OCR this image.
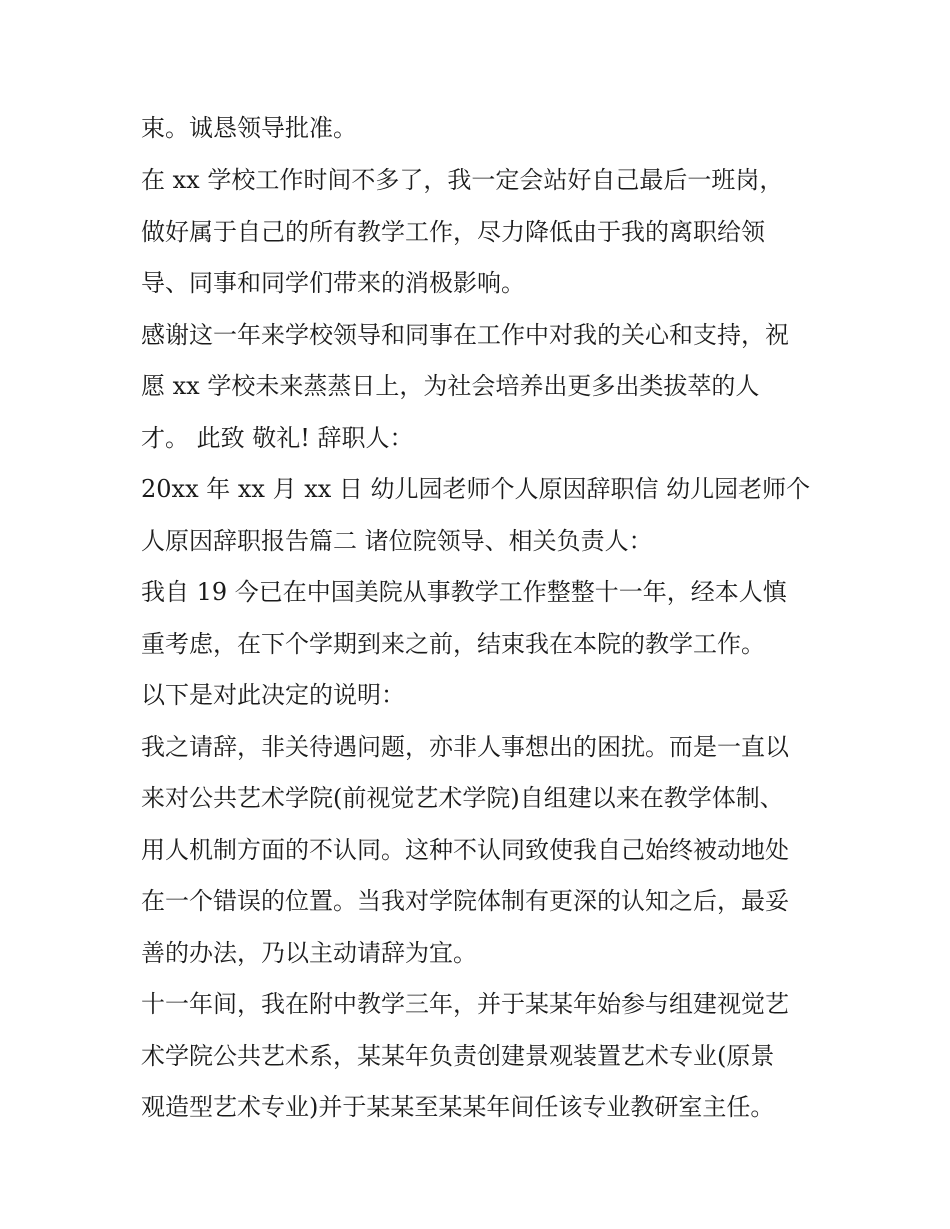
束。诚恳领导批准。
在 xx 学校工作时间不多了，我一定会站好自己最后一班岗，
做好属于自己的所有教学工作，尽力降低由于我的离职给领
导、同事和同学们带来的消极影响。
感谢这一年来学校领导和同事在工作中对我的关心和支持，祝
愿 xx 学校未来蒸蒸日上，为社会培养出更多出类拔萃的人
才。 此致 敬礼! 辞职人：
20xx 年 xx 月 xx 日 幼儿园老师个人原因辞职信 幼儿园老师个
人原因辞职报告篇二 诸位院领导、相关负责人：
我自 19 今已在中国美院从事教学工作整整十一年，经本人慎
重考虑，在下个学期到来之前，结束我在本院的教学工作。
以下是对此决定的说明：
我之请辞，非关待遇问题，亦非人事想出的困扰。而是一直以
来对公共艺术学院(前视觉艺术学院)自组建以来在教学体制、
用人机制方面的不认同。这种不认同致使我自己始终被动地处
在一个错误的位置。当我对学院体制有更深的认知之后，最妥
善的办法，乃以主动请辞为宜。
十一年间，我在附中教学三年，并于某某年始参与组建视觉艺
术学院公共艺术系，某某年负责创建景观装置艺术专业(原景
观造型艺术专业)并于某某至某某年间任该专业教研室主任。
